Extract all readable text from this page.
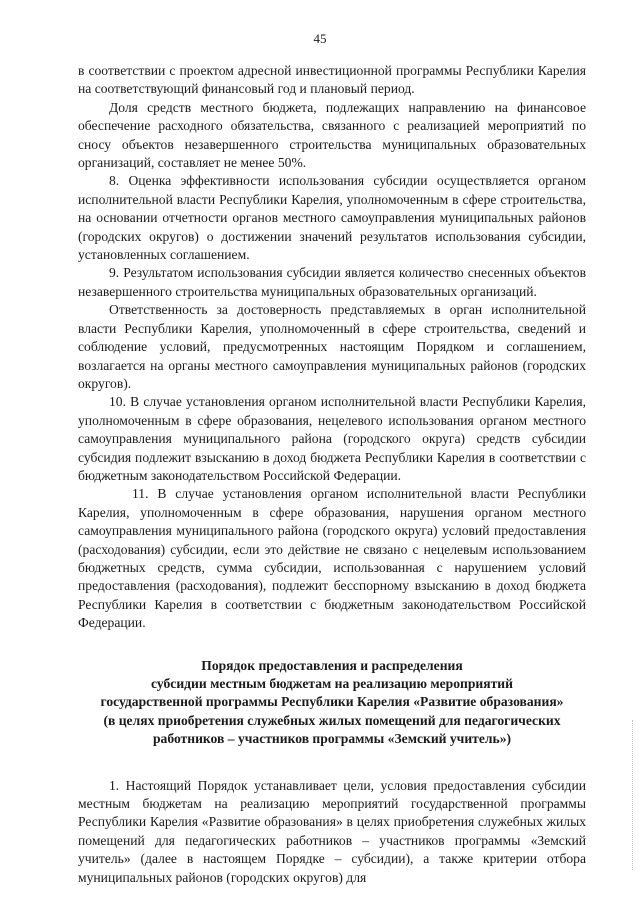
45

в соответствии с проектом адресной инвестиционной программы Республики Карелия на соответствующий финансовый год и плановый период.

Доля средств местного бюджета, подлежащих направлению на финансовое обеспечение расходного обязательства, связанного с реализацией мероприятий по сносу объектов незавершенного строительства муниципальных образовательных организаций, составляет не менее 50%.

8. Оценка эффективности использования субсидии осуществляется органом исполнительной власти Республики Карелия, уполномоченным в сфере строительства, на основании отчетности органов местного самоуправления муниципальных районов (городских округов) о достижении значений результатов использования субсидии, установленных соглашением.

9. Результатом использования субсидии является количество снесенных объектов незавершенного строительства муниципальных образовательных организаций.

Ответственность за достоверность представляемых в орган исполнительной власти Республики Карелия, уполномоченный в сфере строительства, сведений и соблюдение условий, предусмотренных настоящим Порядком и соглашением, возлагается на органы местного самоуправления муниципальных районов (городских округов).

10. В случае установления органом исполнительной власти Республики Карелия, уполномоченным в сфере образования, нецелевого использования органом местного самоуправления муниципального района (городского округа) средств субсидии субсидия подлежит взысканию в доход бюджета Республики Карелия в соответствии с бюджетным законодательством Российской Федерации.

11. В случае установления органом исполнительной власти Республики Карелия, уполномоченным в сфере образования, нарушения органом местного самоуправления муниципального района (городского округа) условий предоставления (расходования) субсидии, если это действие не связано с нецелевым использованием бюджетных средств, сумма субсидии, использованная с нарушением условий предоставления (расходования), подлежит бесспорному взысканию в доход бюджета Республики Карелия в соответствии с бюджетным законодательством Российской Федерации.

Порядок предоставления и распределения

субсидии местным бюджетам на реализацию мероприятий

государственной программы Республики Карелия «Развитие образования»

(в целях приобретения служебных жилых помещений для педагогических

работников – участников программы «Земский учитель»)

1. Настоящий Порядок устанавливает цели, условия предоставления субсидии местным бюджетам на реализацию мероприятий государственной программы Республики Карелия «Развитие образования» в целях приобретения служебных жилых помещений для педагогических работников – участников программы «Земский учитель» (далее в настоящем Порядке – субсидии), а также критерии отбора муниципальных районов (городских округов) для
